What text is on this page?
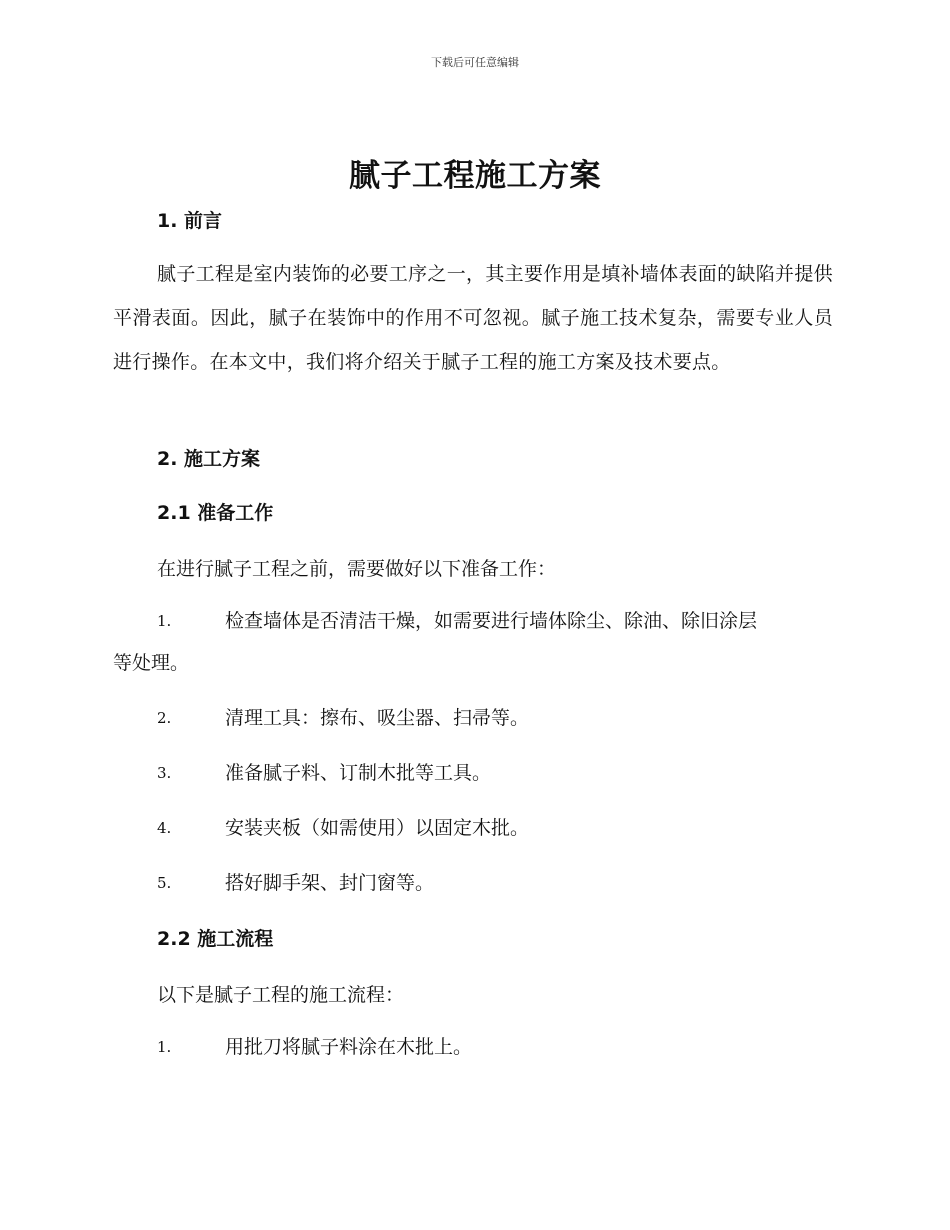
下载后可任意编辑
腻子工程施工方案
1. 前言
腻子工程是室内装饰的必要工序之一，其主要作用是填补墙体表面的缺陷并提供平滑表面。因此，腻子在装饰中的作用不可忽视。腻子施工技术复杂，需要专业人员进行操作。在本文中，我们将介绍关于腻子工程的施工方案及技术要点。
2. 施工方案
2.1 准备工作
在进行腻子工程之前，需要做好以下准备工作：
1.	检查墙体是否清洁干燥，如需要进行墙体除尘、除油、除旧涂层
等处理。
2.	清理工具：擦布、吸尘器、扫帚等。
3.	准备腻子料、订制木批等工具。
4.	安装夹板（如需使用）以固定木批。
5.	搭好脚手架、封门窗等。
2.2 施工流程
以下是腻子工程的施工流程：
1.	用批刀将腻子料涂在木批上。
